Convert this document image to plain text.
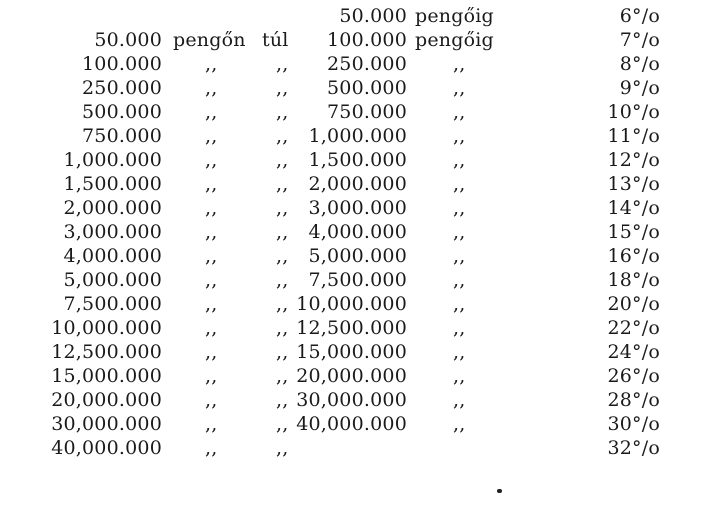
50.000 pengőig	6°/o
50.000 pengőn túl 100.000 pengőig	7°/o
100.000 ,,	,, 250.000 ,,	8°/o
250.000 ,,	,, 500.000 ,,	9°/o
500.000 ,,	,, 750.000 ,,	10°/o
750.000 ,,	,, 1,000.000 ,,	11°/o
1,000.000 ,,	,, 1,500.000 ,,	12°/o
1,500.000 ,,	,, 2,000.000 ,,	13°/o
2,000.000 ,,	,, 3,000.000 ,,	14°/o
3,000.000 ,,	,, 4,000.000 ,,	15°/o
4,000.000 ,,	,, 5,000.000 ,,	16°/o
5,000.000 ,,	,, 7,500.000 ,,	18°/o
7,500.000 ,,	,, 10,000.000 ,,	20°/o
10,000.000 ,,	,, 12,500.000 ,,	22°/o
12,500.000 ,,	,, 15,000.000 ,,	24°/o
15,000.000 ,,	,, 20,000.000 ,,	26°/o
20,000.000 ,,	,, 30,000.000 ,,	28°/o
30,000.000 ,,	,, 40,000.000 ,,	30°/o
40,000.000 ,,	,,	32°/o
